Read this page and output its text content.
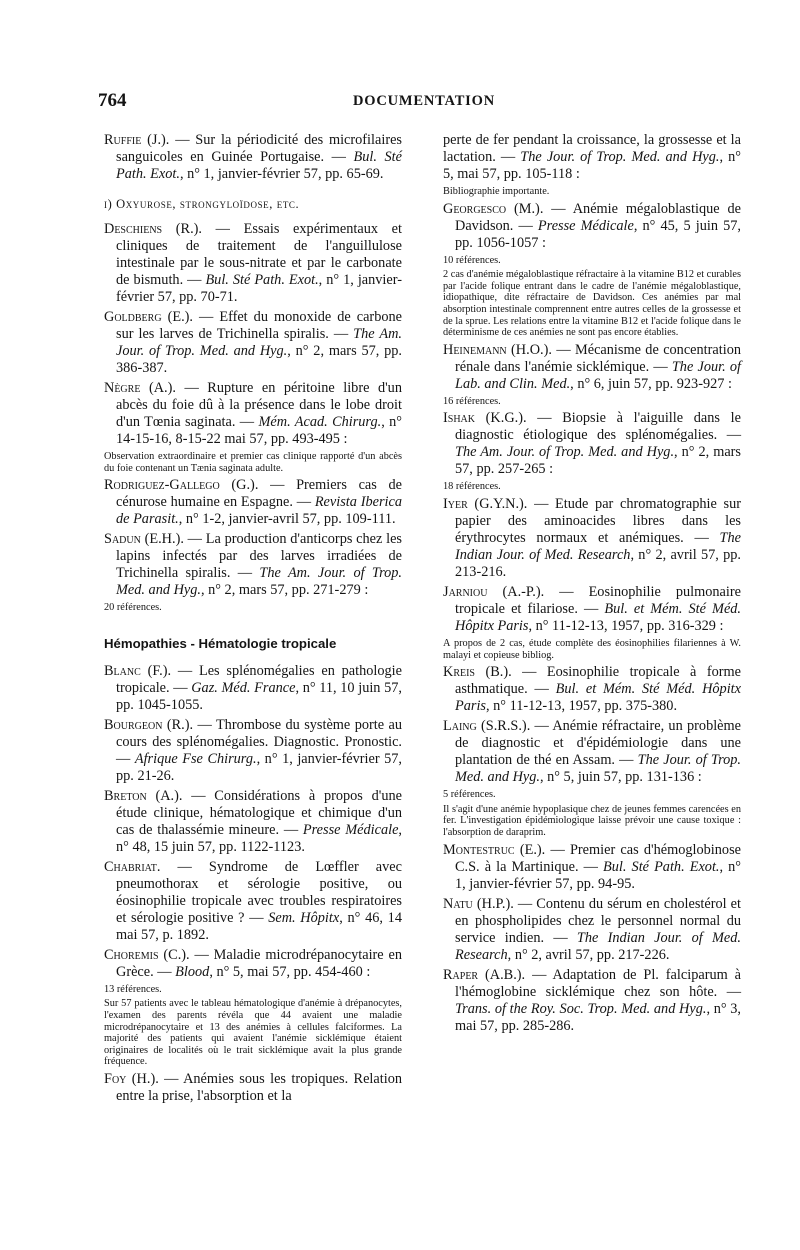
764	DOCUMENTATION

Ruffie (J.). — Sur la périodicité des microfilaires sanguicoles en Guinée Portugaise. — Bul. Sté Path. Exot., n° 1, janvier-février 57, pp. 65-69.

i) Oxyurose, strongyloïdose, etc.

Deschiens (R.). — Essais expérimentaux et cliniques de traitement de l'anguillulose intestinale par le sous-nitrate et par le carbonate de bismuth. — Bul. Sté Path. Exot., n° 1, janvier-février 57, pp. 70-71.

Goldberg (E.). — Effet du monoxide de carbone sur les larves de Trichinella spiralis. — The Am. Jour. of Trop. Med. and Hyg., n° 2, mars 57, pp. 386-387.

Nègre (A.). — Rupture en péritoine libre d'un abcès du foie dû à la présence dans le lobe droit d'un Tœnia saginata. — Mém. Acad. Chirurg., n° 14-15-16, 8-15-22 mai 57, pp. 493-495 :

Observation extraordinaire et premier cas clinique rapporté d'un abcès du foie contenant un Tænia saginata adulte.

Rodriguez-Gallego (G.). — Premiers cas de cénurose humaine en Espagne. — Revista Iberica de Parasit., n° 1-2, janvier-avril 57, pp. 109-111.

Sadun (E.H.). — La production d'anticorps chez les lapins infectés par des larves irradiées de Trichinella spiralis. — The Am. Jour. of Trop. Med. and Hyg., n° 2, mars 57, pp. 271-279 :

20 références.
Hémopathies - Hématologie tropicale

Blanc (F.). — Les splénomégalies en pathologie tropicale. — Gaz. Méd. France, n° 11, 10 juin 57, pp. 1045-1055.

Bourgeon (R.). — Thrombose du système porte au cours des splénomégalies. Diagnostic. Pronostic. — Afrique Fse Chirurg., n° 1, janvier-février 57, pp. 21-26.

Breton (A.). — Considérations à propos d'une étude clinique, hématologique et chimique d'un cas de thalassémie mineure. — Presse Médicale, n° 48, 15 juin 57, pp. 1122-1123.

Chabriat. — Syndrome de Lœffler avec pneumothorax et sérologie positive, ou éosinophilie tropicale avec troubles respiratoires et sérologie positive ? — Sem. Hôpitx, n° 46, 14 mai 57, p. 1892.

Choremis (C.). — Maladie microdrépanocytaire en Grèce. — Blood, n° 5, mai 57, pp. 454-460 :

13 références.
Sur 57 patients avec le tableau hématologique d'anémie à drépanocytes, l'examen des parents révéla que 44 avaient une maladie microdrépanocytaire et 13 des anémies à cellules falciformes. La majorité des patients qui avaient l'anémie sicklémique étaient originaires de localités où le trait sicklémique avait la plus grande fréquence.

Foy (H.). — Anémies sous les tropiques. Relation entre la prise, l'absorption et la

perte de fer pendant la croissance, la grossesse et la lactation. — The Jour. of Trop. Med. and Hyg., n° 5, mai 57, pp. 105-118 :

Bibliographie importante.

Georgesco (M.). — Anémie mégaloblastique de Davidson. — Presse Médicale, n° 45, 5 juin 57, pp. 1056-1057 :

10 références.
2 cas d'anémie mégaloblastique réfractaire à la vitamine B12 et curables par l'acide folique entrant dans le cadre de l'anémie mégaloblastique, idiopathique, dite réfractaire de Davidson. Ces anémies par mal absorption intestinale comprennent entre autres celles de la grossesse et de la sprue. Les relations entre la vitamine B12 et l'acide folique dans le déterminisme de ces anémies ne sont pas encore établies.

Heinemann (H.O.). — Mécanisme de concentration rénale dans l'anémie sicklémique. — The Jour. of Lab. and Clin. Med., n° 6, juin 57, pp. 923-927 :

16 références.

Ishak (K.G.). — Biopsie à l'aiguille dans le diagnostic étiologique des splénomégalies. — The Am. Jour. of Trop. Med. and Hyg., n° 2, mars 57, pp. 257-265 :

18 références.

Iyer (G.Y.N.). — Etude par chromatographie sur papier des aminoacides libres dans les érythrocytes normaux et anémiques. — The Indian Jour. of Med. Research, n° 2, avril 57, pp. 213-216.

Jarniou (A.-P.). — Eosinophilie pulmonaire tropicale et filariose. — Bul. et Mém. Sté Méd. Hôpitx Paris, n° 11-12-13, 1957, pp. 316-329 :

A propos de 2 cas, étude complète des éosinophilies filariennes à W. malayi et copieuse bibliog.

Kreis (B.). — Eosinophilie tropicale à forme asthmatique. — Bul. et Mém. Sté Méd. Hôpitx Paris, n° 11-12-13, 1957, pp. 375-380.

Laing (S.R.S.). — Anémie réfractaire, un problème de diagnostic et d'épidémiologie dans une plantation de thé en Assam. — The Jour. of Trop. Med. and Hyg., n° 5, juin 57, pp. 131-136 :

5 références.
Il s'agit d'une anémie hypoplasique chez de jeunes femmes carencées en fer. L'investigation épidémiologique laisse prévoir une cause toxique : l'absorption de daraprim.

Montestruc (E.). — Premier cas d'hémoglobinose C.S. à la Martinique. — Bul. Sté Path. Exot., n° 1, janvier-février 57, pp. 94-95.

Natu (H.P.). — Contenu du sérum en cholestérol et en phospholipides chez le personnel normal du service indien. — The Indian Jour. of Med. Research, n° 2, avril 57, pp. 217-226.

Raper (A.B.). — Adaptation de Pl. falciparum à l'hémoglobine sicklémique chez son hôte. — Trans. of the Roy. Soc. Trop. Med. and Hyg., n° 3, mai 57, pp. 285-286.
